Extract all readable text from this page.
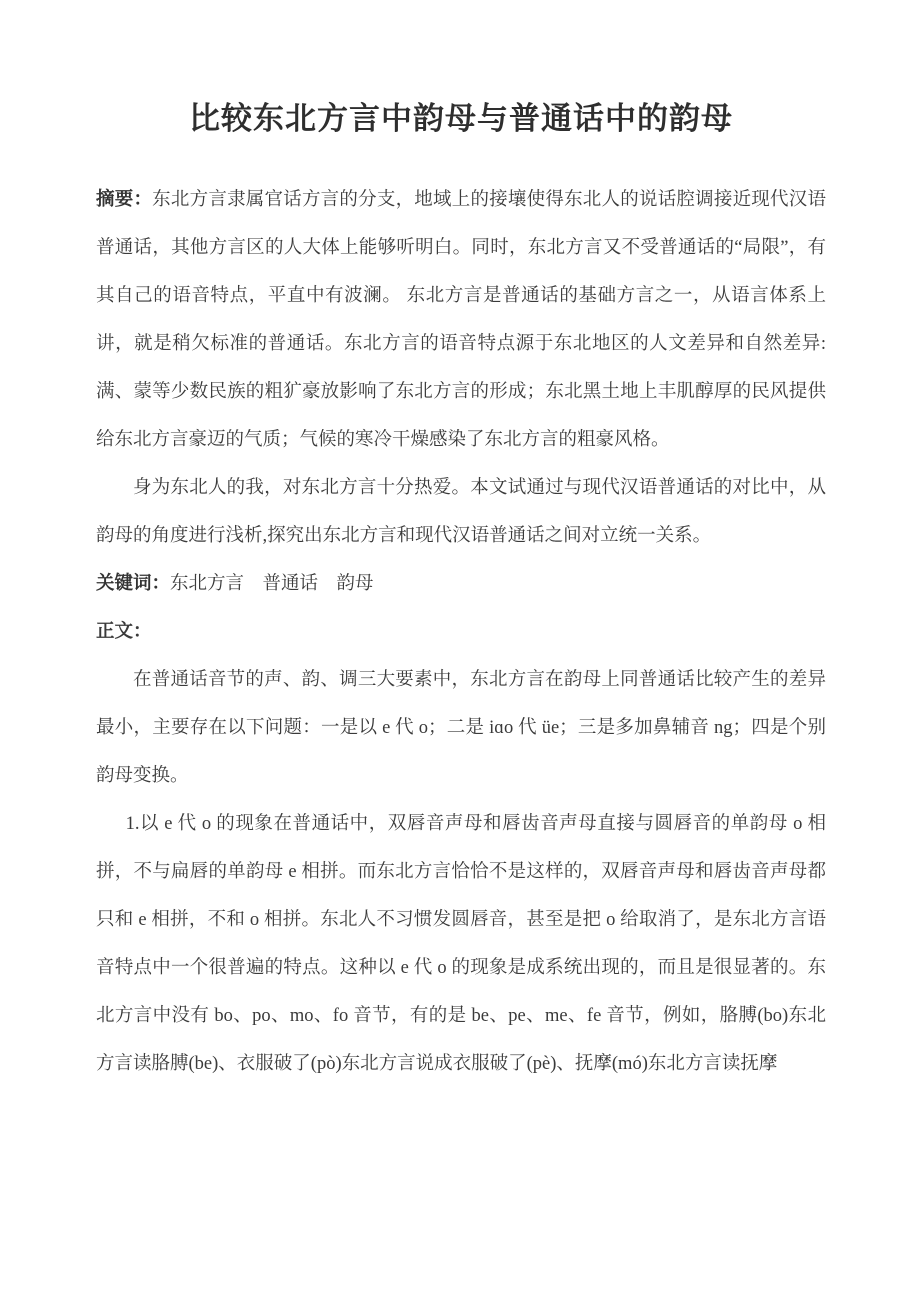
比较东北方言中韵母与普通话中的韵母

摘要：东北方言隶属官话方言的分支，地域上的接壤使得东北人的说话腔调接近现代汉语普通话，其他方言区的人大体上能够听明白。同时，东北方言又不受普通话的“局限”，有其自己的语音特点，平直中有波澜。 东北方言是普通话的基础方言之一，从语言体系上讲，就是稍欠标准的普通话。东北方言的语音特点源于东北地区的人文差异和自然差异:满、蒙等少数民族的粗犷豪放影响了东北方言的形成；东北黑土地上丰肌醇厚的民风提供给东北方言豪迈的气质；气候的寒冷干燥感染了东北方言的粗豪风格。

身为东北人的我，对东北方言十分热爱。本文试通过与现代汉语普通话的对比中，从韵母的角度进行浅析,探究出东北方言和现代汉语普通话之间对立统一关系。

关键词：东北方言　普通话　韵母

正文：

在普通话音节的声、韵、调三大要素中，东北方言在韵母上同普通话比较产生的差异最小，主要存在以下问题：一是以 e 代 o；二是 iɑo 代 üe；三是多加鼻辅音 ng；四是个别韵母变换。

1.以 e 代 o 的现象在普通话中，双唇音声母和唇齿音声母直接与圆唇音的单韵母 o 相拼，不与扁唇的单韵母 e 相拼。而东北方言恰恰不是这样的，双唇音声母和唇齿音声母都只和 e 相拼，不和 o 相拼。东北人不习惯发圆唇音，甚至是把 o 给取消了，是东北方言语音特点中一个很普遍的特点。这种以 e 代 o 的现象是成系统出现的，而且是很显著的。东北方言中没有 bo、po、mo、fo 音节，有的是 be、pe、me、fe 音节，例如，胳膊(bo)东北方言读胳膊(be)、衣服破了(pò)东北方言说成衣服破了(pè)、抚摩(mó)东北方言读抚摩
